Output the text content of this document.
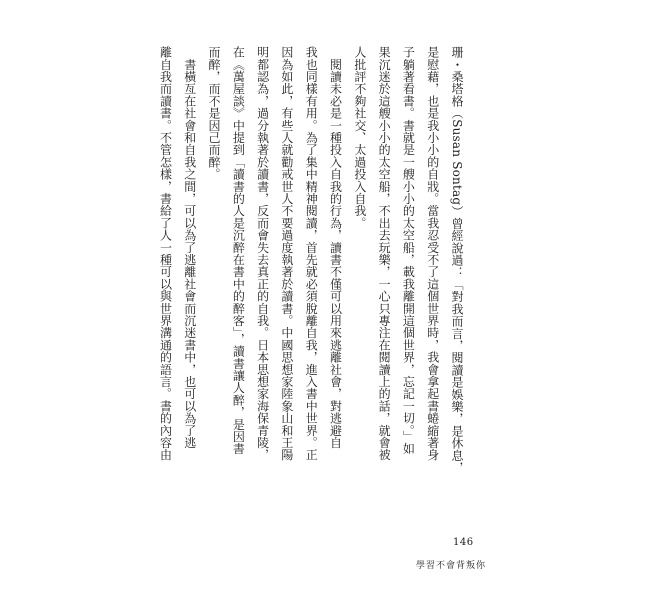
珊・桑塔格（Susan Sontag）曾經說過：「對我而言，閱讀是娛樂，是休息，
是慰藉，也是我小小的自戕。當我忍受不了這個世界時，我會拿起書蜷縮著身
子躺著看書。書就是一艘小小的太空船，載我離開這個世界，忘記一切。」如
果沉迷於這艘小小的太空船，不出去玩樂，一心只專注在閱讀上的話，就會被
人批評不夠社交、太過投入自我。
　閱讀未必是一種投入自我的行為，讀書不僅可以用來逃離社會，對逃避自
我也同樣有用。為了集中精神閱讀，首先就必須脫離自我，進入書中世界。正
因為如此，有些人就勸戒世人不要過度執著於讀書。中國思想家陸象山和王陽
明都認為，過分執著於讀書，反而會失去真正的自我。日本思想家海保青陵，
在《萬屋談》中提到「讀書的人是沉醉在書中的醉客」，讀書讓人醉，是因書
而醉，而不是因己而醉。
　書橫亙在社會和自我之間，可以為了逃離社會而沉迷書中，也可以為了逃
離自我而讀書。不管怎樣，書給了人一種可以與世界溝通的語言。書的內容由
146
學習不會背叛你
